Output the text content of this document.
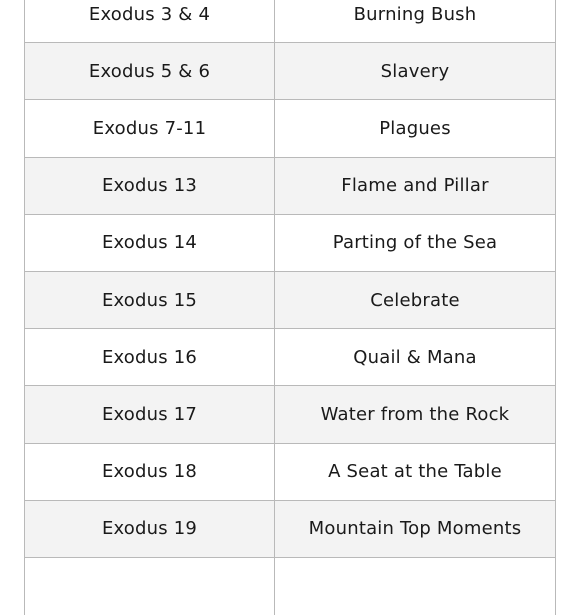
Exodus 3 & 4	Burning Bush
Exodus 5 & 6	Slavery
Exodus 7-11	Plagues
Exodus 13	Flame and Pillar
Exodus 14	Parting of the Sea
Exodus 15	Celebrate
Exodus 16	Quail & Mana
Exodus 17	Water from the Rock
Exodus 18	A Seat at the Table
Exodus 19	Mountain Top Moments
